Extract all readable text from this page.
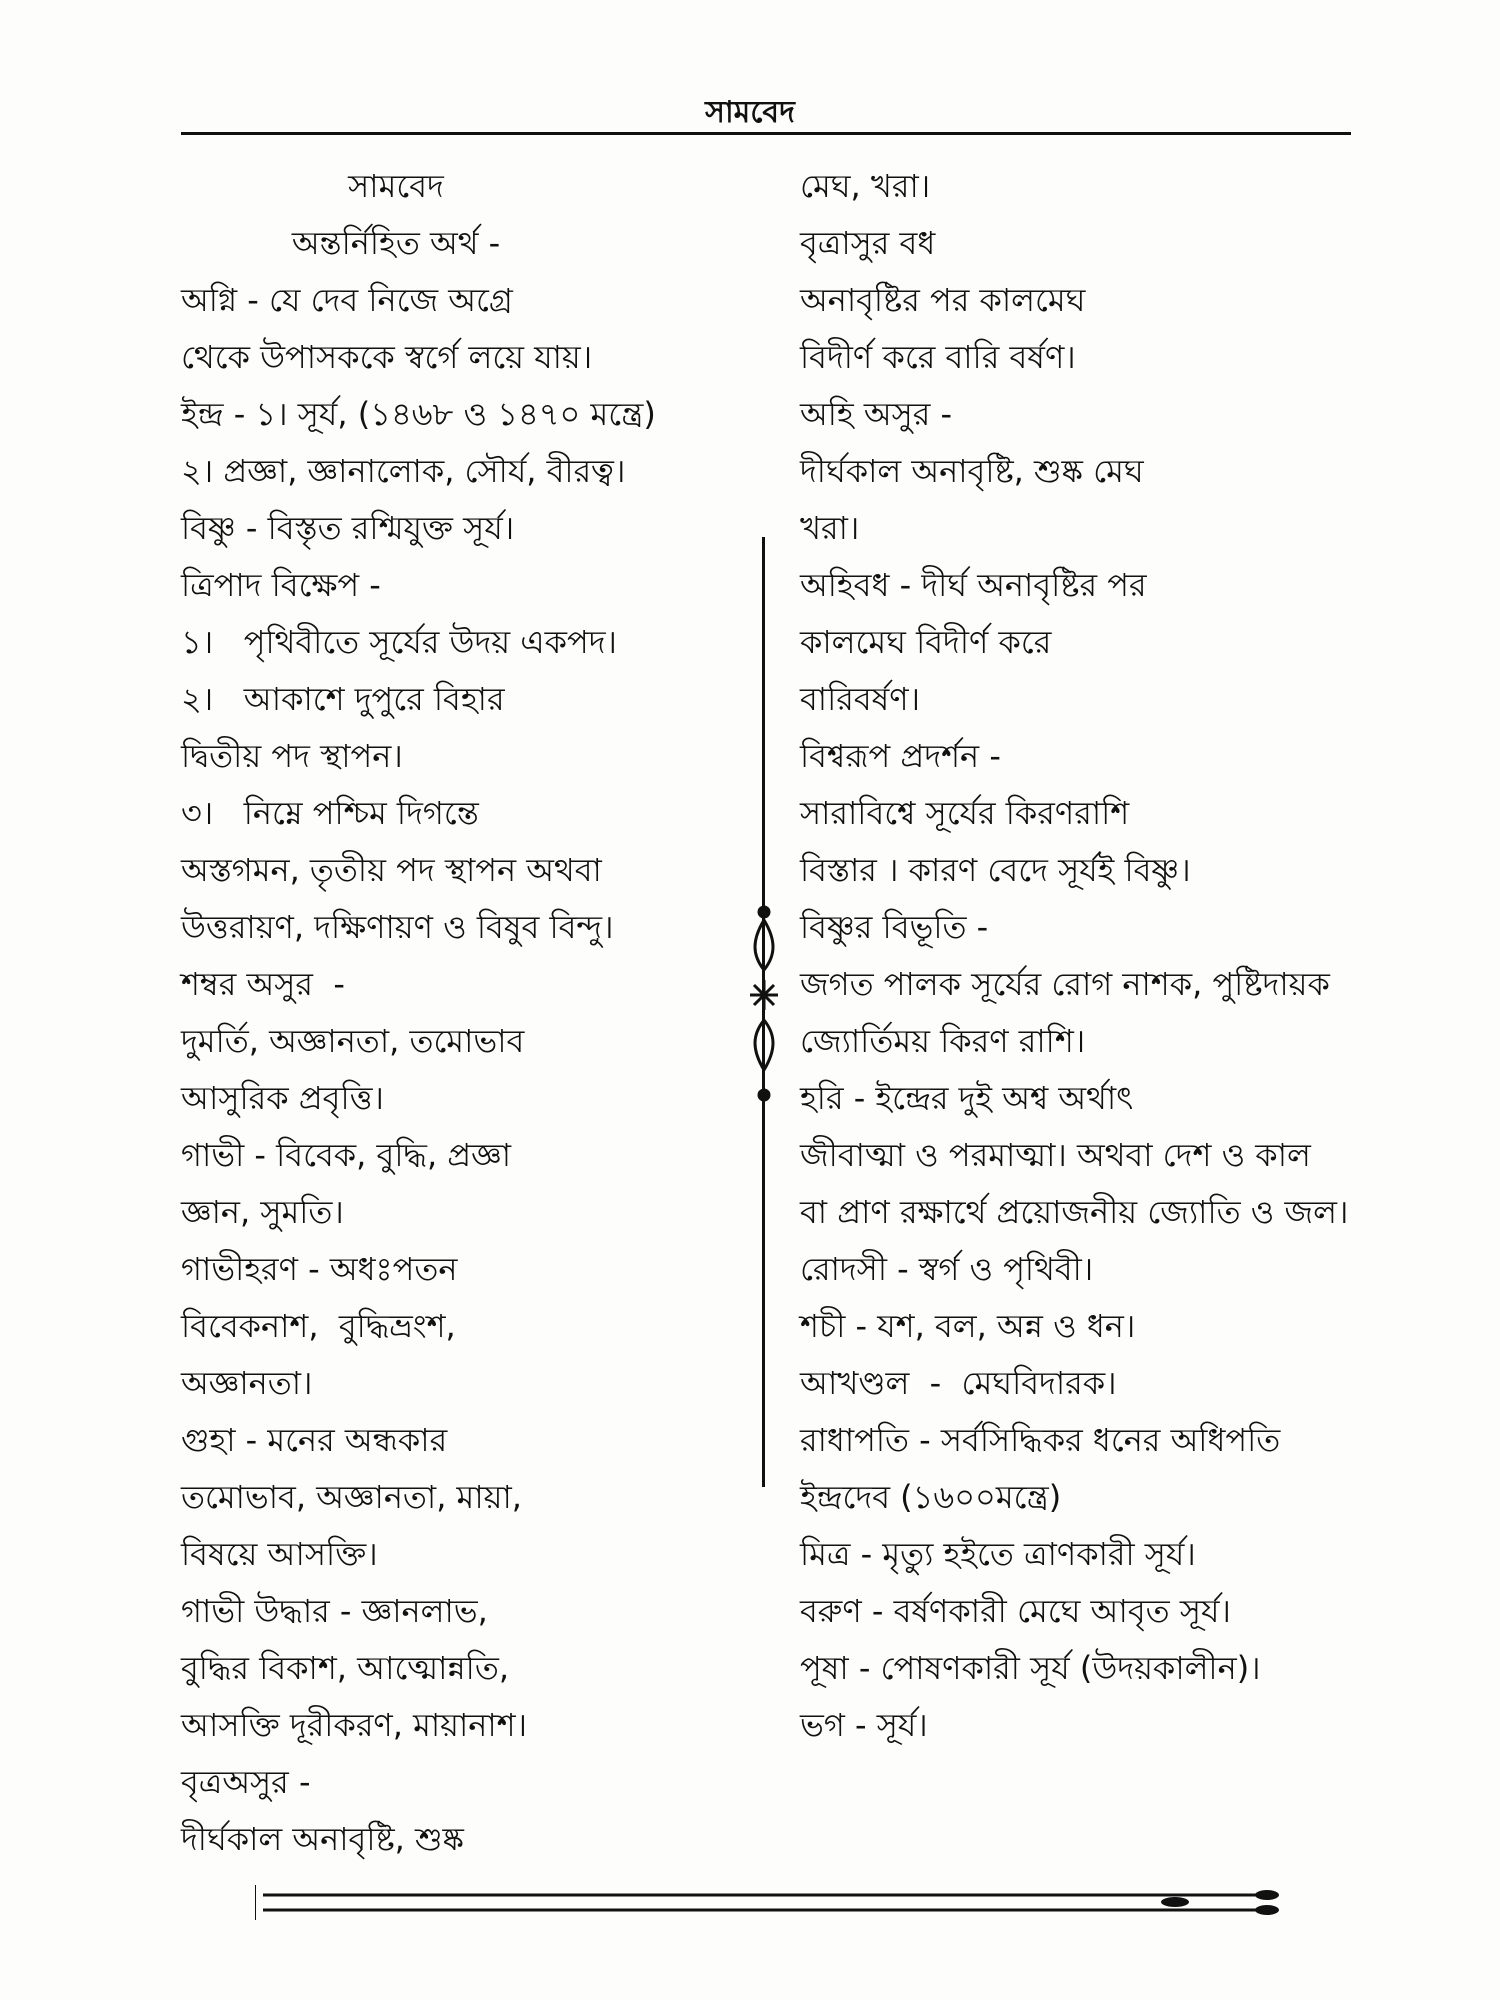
সামবেদ
সামবেদ
অন্তর্নিহিত অর্থ -
অগ্নি - যে দেব নিজে অগ্রে
থেকে উপাসককে স্বর্গে লয়ে যায়।
ইন্দ্র - ১। সূর্য, (১৪৬৮ ও ১৪৭০ মন্ত্রে)
২। প্রজ্ঞা, জ্ঞানালোক, সৌর্য, বীরত্ব।
বিষ্ণু - বিস্তৃত রশ্মিযুক্ত সূর্য।
ত্রিপাদ বিক্ষেপ -
১।   পৃথিবীতে সূর্যের উদয় একপদ।
২।   আকাশে দুপুরে বিহার
দ্বিতীয় পদ স্থাপন।
৩।   নিম্নে পশ্চিম দিগন্তে
অস্তগমন, তৃতীয় পদ স্থাপন অথবা
উত্তরায়ণ, দক্ষিণায়ণ ও বিষুব বিন্দু।
শম্বর অসুর  -
দুমর্তি, অজ্ঞানতা, তমোভাব
আসুরিক প্রবৃত্তি।
গাভী - বিবেক, বুদ্ধি, প্রজ্ঞা
জ্ঞান, সুমতি।
গাভীহরণ - অধঃপতন
বিবেকনাশ,  বুদ্ধিভ্রংশ,
অজ্ঞানতা।
গুহা - মনের অন্ধকার
তমোভাব, অজ্ঞানতা, মায়া,
বিষয়ে আসক্তি।
গাভী উদ্ধার - জ্ঞানলাভ,
বুদ্ধির বিকাশ, আত্মোন্নতি,
আসক্তি দূরীকরণ, মায়ানাশ।
বৃত্রঅসুর -
দীর্ঘকাল অনাবৃষ্টি, শুষ্ক
মেঘ, খরা।
বৃত্রাসুর বধ
অনাবৃষ্টির পর কালমেঘ
বিদীর্ণ করে বারি বর্ষণ।
অহি অসুর -
দীর্ঘকাল অনাবৃষ্টি, শুষ্ক মেঘ
খরা।
অহিবধ - দীর্ঘ অনাবৃষ্টির পর
কালমেঘ বিদীর্ণ করে
বারিবর্ষণ।
বিশ্বরূপ প্রদর্শন -
সারাবিশ্বে সূর্যের কিরণরাশি
বিস্তার । কারণ বেদে সূর্যই বিষ্ণু।
বিষ্ণুর বিভূতি -
জগত পালক সূর্যের রোগ নাশক, পুষ্টিদায়ক
জ্যোর্তিময় কিরণ রাশি।
হরি - ইন্দ্রের দুই অশ্ব অর্থাৎ
জীবাত্মা ও পরমাত্মা। অথবা দেশ ও কাল
বা প্রাণ রক্ষার্থে প্রয়োজনীয় জ্যোতি ও জল।
রোদসী - স্বর্গ ও পৃথিবী।
শচী - যশ, বল, অন্ন ও ধন।
আখণ্ডল  -  মেঘবিদারক।
রাধাপতি - সর্বসিদ্ধিকর ধনের অধিপতি
ইন্দ্রদেব (১৬০০মন্ত্রে)
মিত্র - মৃত্যু হইতে ত্রাণকারী সূর্য।
বরুণ - বর্ষণকারী মেঘে আবৃত সূর্য।
পূষা - পোষণকারী সূর্য (উদয়কালীন)।
ভগ - সূর্য।
